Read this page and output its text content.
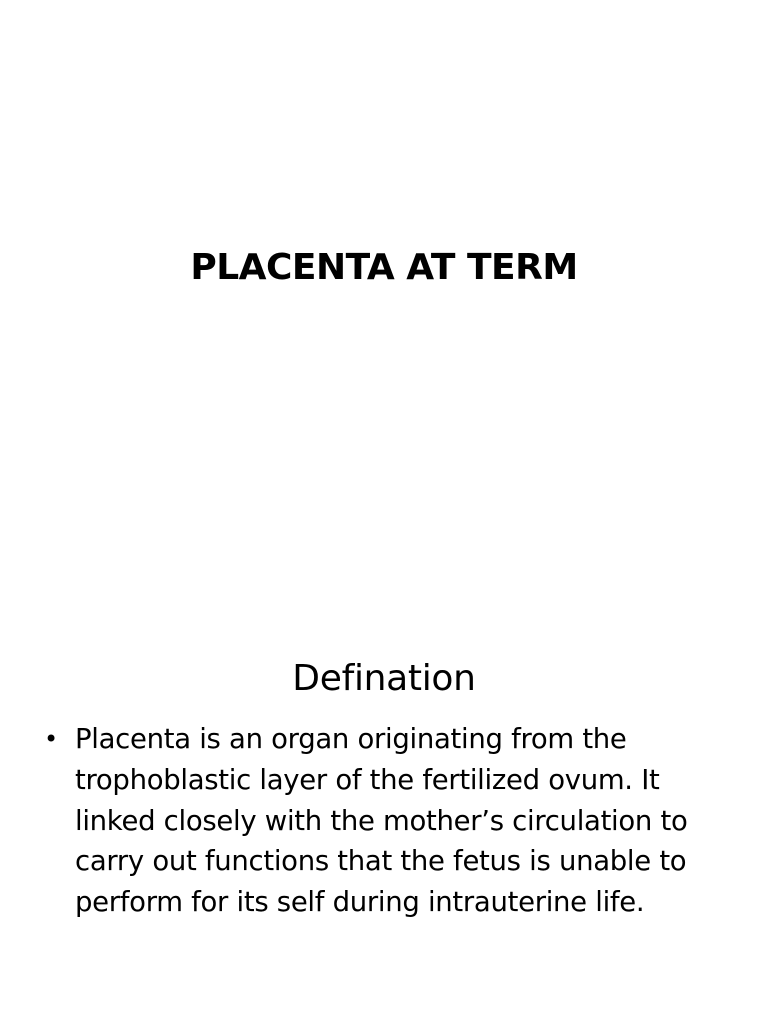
PLACENTA AT TERM
Defination
• Placenta is an organ originating from the trophoblastic layer of the fertilized ovum. It linked closely with the mother’s circulation to carry out functions that the fetus is unable to perform for its self during intrauterine life.
